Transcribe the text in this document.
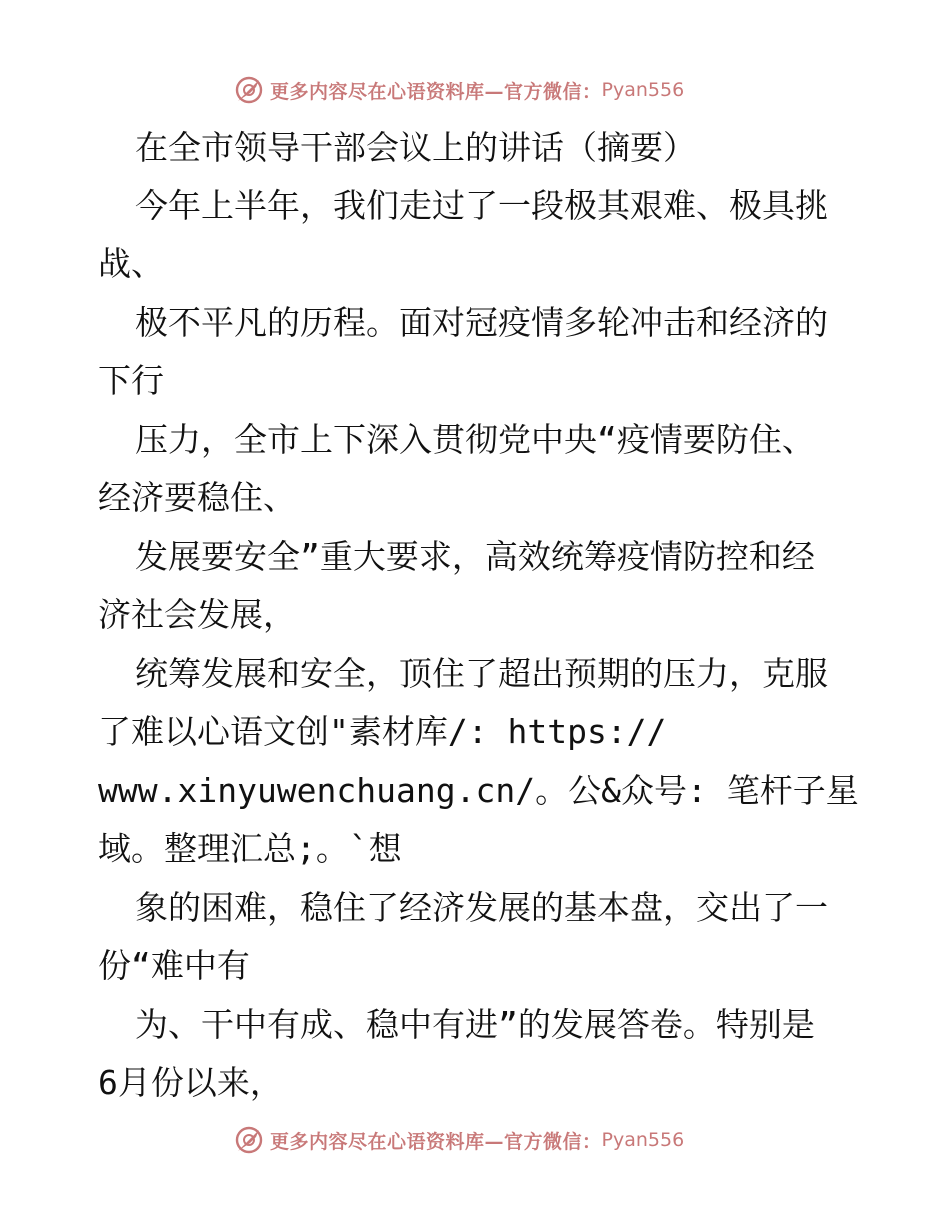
更多内容尽在心语资料库—官方微信： Pyan556
在全市领导干部会议上的讲话（摘要）
今年上半年，我们走过了一段极其艰难、极具挑
战、
极不平凡的历程。面对冠疫情多轮冲击和经济的
下行
压力，全市上下深入贯彻党中央“疫情要防住、
经济要稳住、
发展要安全”重大要求，高效统筹疫情防控和经
济社会发展，
统筹发展和安全，顶住了超出预期的压力，克服
了难以心语文创"素材库/: https://
www.xinyuwenchuang.cn/。公&众号: 笔杆子星
域。整理汇总;。`想
象的困难，稳住了经济发展的基本盘，交出了一
份“难中有
为、干中有成、稳中有进”的发展答卷。特别是
6月份以来，
更多内容尽在心语资料库—官方微信： Pyan556
